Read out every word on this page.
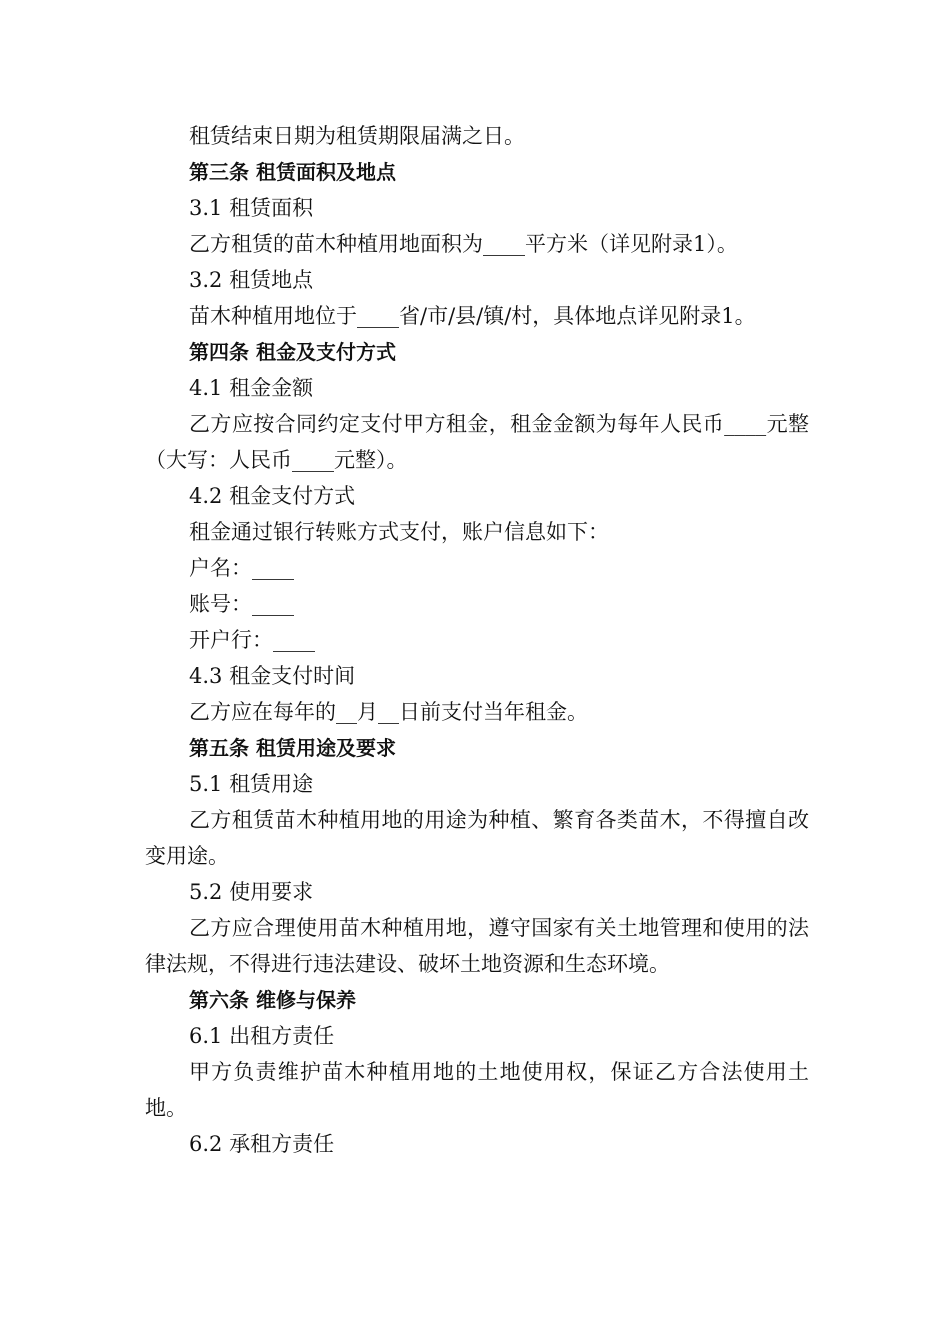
租赁结束日期为租赁期限届满之日。

第三条 租赁面积及地点

3.1 租赁面积

乙方租赁的苗木种植用地面积为____平方米（详见附录1）。

3.2 租赁地点

苗木种植用地位于____省/市/县/镇/村，具体地点详见附录1。

第四条 租金及支付方式

4.1 租金金额

乙方应按合同约定支付甲方租金，租金金额为每年人民币____元整（大写：人民币____元整）。

4.2 租金支付方式

租金通过银行转账方式支付，账户信息如下：

户名：____

账号：____

开户行：____

4.3 租金支付时间

乙方应在每年的__月__日前支付当年租金。

第五条 租赁用途及要求

5.1 租赁用途

乙方租赁苗木种植用地的用途为种植、繁育各类苗木，不得擅自改变用途。

5.2 使用要求

乙方应合理使用苗木种植用地，遵守国家有关土地管理和使用的法律法规，不得进行违法建设、破坏土地资源和生态环境。

第六条 维修与保养

6.1 出租方责任

甲方负责维护苗木种植用地的土地使用权，保证乙方合法使用土地。

6.2 承租方责任
